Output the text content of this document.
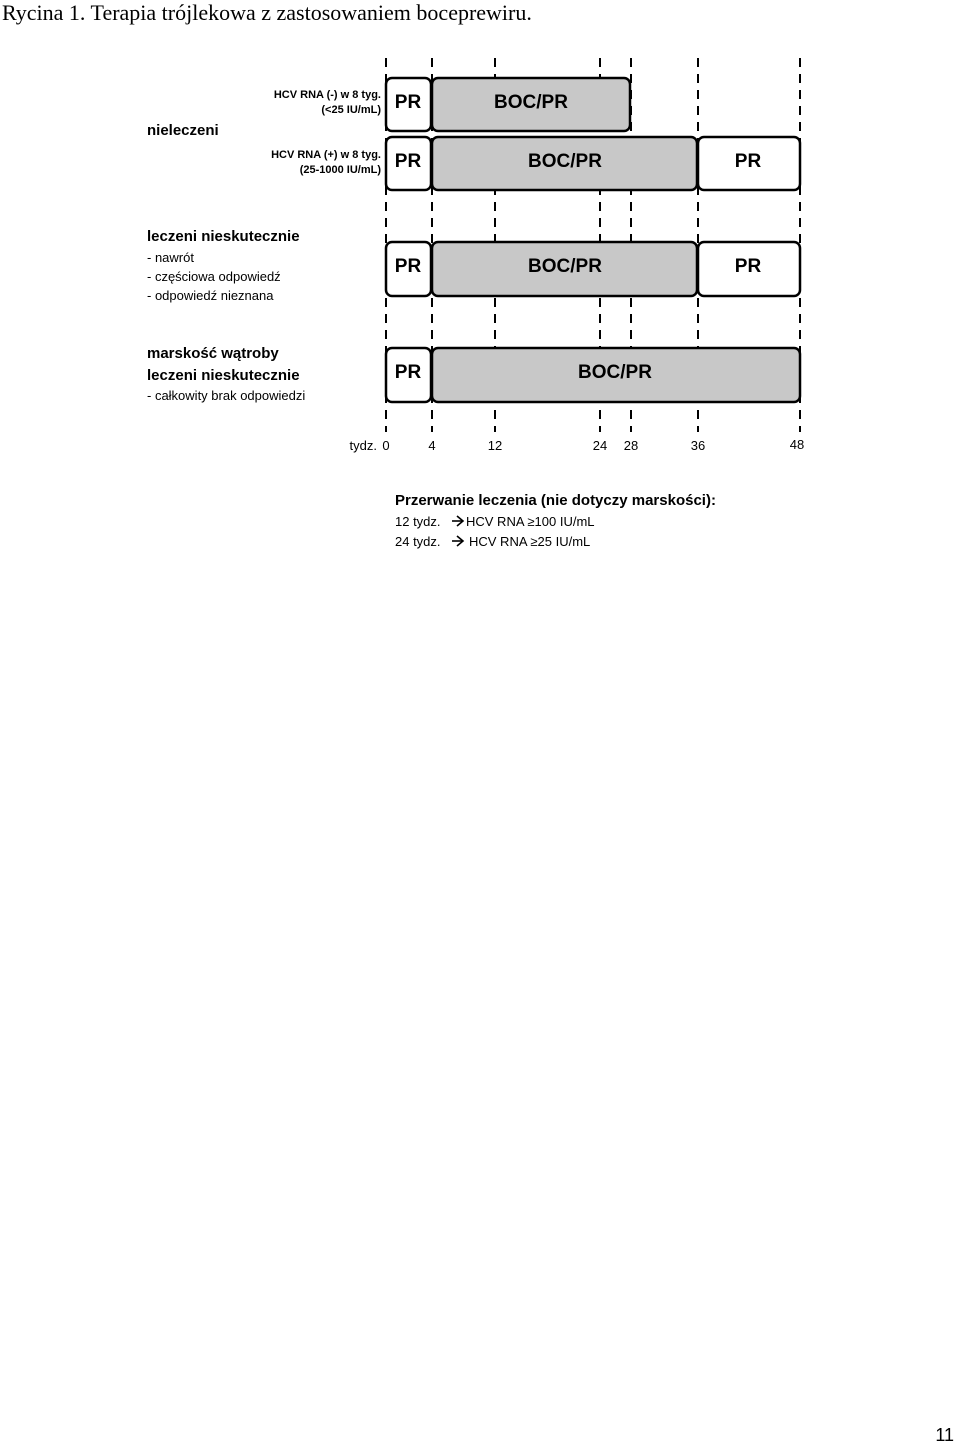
Rycina 1. Terapia trójlekowa z zastosowaniem boceprewiru.
PR	BOC/PR
PR	BOC/PR	PR
PR	BOC/PR	PR
PR	BOC/PR
nieleczeni
HCV RNA (-) w 8 tyg.
(<25 IU/mL)
HCV RNA (+) w 8 tyg.
(25-1000 IU/mL)
leczeni nieskutecznie
- nawrót
- częściowa odpowiedź
- odpowiedź nieznana
marskość wątroby
leczeni nieskutecznie
- całkowity brak odpowiedzi
tydz. 0	4	12	24 28	36	48
Przerwanie leczenia (nie dotyczy marskości):
12 tydz. HCV RNA ≥100 IU/mL
24 tydz. HCV RNA ≥25 IU/mL
11
